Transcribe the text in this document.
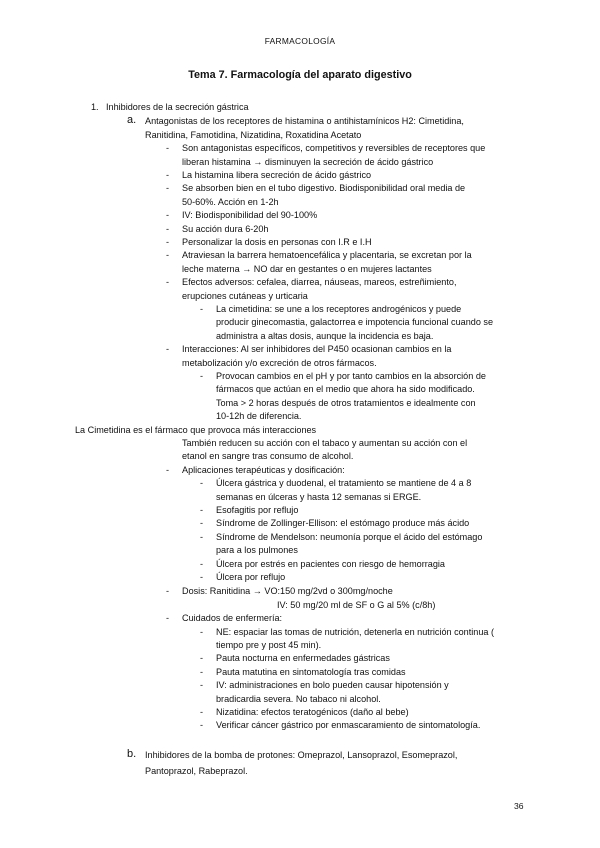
FARMACOLOGÍA
Tema 7. Farmacología del aparato digestivo
1. Inhibidores de la secreción gástrica
a. Antagonistas de los receptores de histamina o antihistamínicos H2: Cimetidina,
Ranitidina, Famotidina, Nizatidina, Roxatidina Acetato
- Son antagonistas específicos, competitivos y reversibles de receptores que
liberan histamina → disminuyen la secreción de ácido gástrico
- La histamina libera secreción de ácido gástrico
- Se absorben bien en el tubo digestivo. Biodisponibilidad oral media de
50-60%. Acción en 1-2h
- IV: Biodisponibilidad del 90-100%
- Su acción dura 6-20h
- Personalizar la dosis en personas con I.R e I.H
- Atraviesan la barrera hematoencefálica y placentaria, se excretan por la
leche materna → NO dar en gestantes o en mujeres lactantes
- Efectos adversos: cefalea, diarrea, náuseas, mareos, estreñimiento,
erupciones cutáneas y urticaria
- La cimetidina: se une a los receptores androgénicos y puede
producir ginecomastia, galactorrea e impotencia funcional cuando se
administra a altas dosis, aunque la incidencia es baja.
- Interacciones: Al ser inhibidores del P450 ocasionan cambios en la
metabolización y/o excreción de otros fármacos.
- Provocan cambios en el pH y por tanto cambios en la absorción de
fármacos que actúan en el medio que ahora ha sido modificado.
Toma > 2 horas después de otros tratamientos e idealmente con
10-12h de diferencia.
La Cimetidina es el fármaco que provoca más interacciones
También reducen su acción con el tabaco y aumentan su acción con el
etanol en sangre tras consumo de alcohol.
- Aplicaciones terapéuticas y dosificación:
- Úlcera gástrica y duodenal, el tratamiento se mantiene de 4 a 8
semanas en úlceras y hasta 12 semanas si ERGE.
- Esofagitis por reflujo
- Síndrome de Zollinger-Ellison: el estómago produce más ácido
- Síndrome de Mendelson: neumonía porque el ácido del estómago
para a los pulmones
- Úlcera por estrés en pacientes con riesgo de hemorragia
- Úlcera por reflujo
- Dosis: Ranitidina → VO:150 mg/2vd o 300mg/noche
IV: 50 mg/20 ml de SF o G al 5% (c/8h)
- Cuidados de enfermería:
- NE: espaciar las tomas de nutrición, detenerla en nutrición continua (
tiempo pre y post 45 min).
- Pauta nocturna en enfermedades gástricas
- Pauta matutina en sintomatología tras comidas
- IV: administraciones en bolo pueden causar hipotensión y
bradicardia severa. No tabaco ni alcohol.
- Nizatidina: efectos teratogénicos (daño al bebe)
- Verificar cáncer gástrico por enmascaramiento de sintomatología.
b. Inhibidores de la bomba de protones: Omeprazol, Lansoprazol, Esomeprazol,
Pantoprazol, Rabeprazol.
36
